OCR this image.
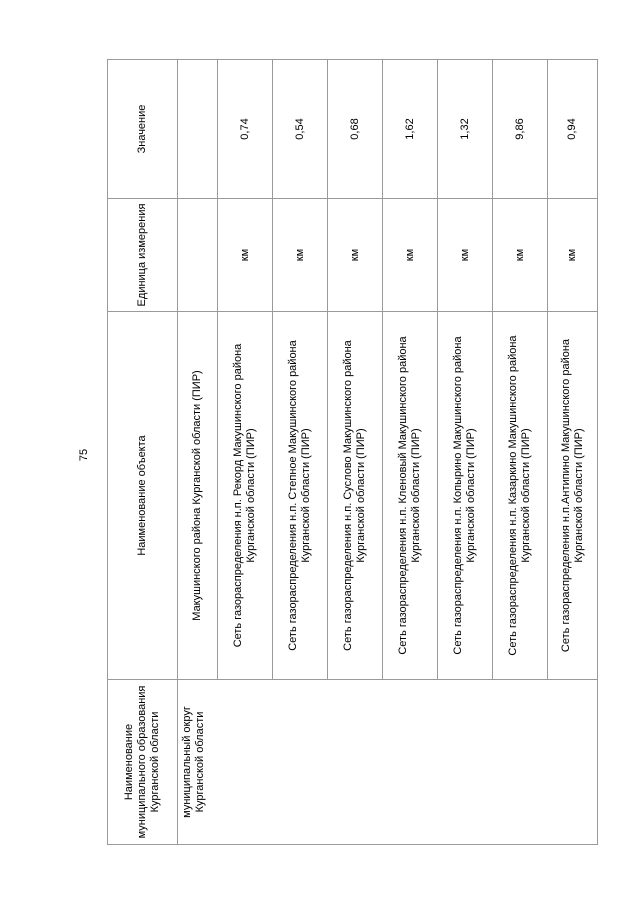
75
Наименование муниципального образования Курганской области	Наименование объекта	Единица измерения	Значение
муниципальный округ Курганской области	Макушинского района Курганской области (ПИР)		
	Сеть газораспределения н.п. Рекорд Макушинского района Курганской области (ПИР)	км	0,74
	Сеть газораспределения н.п. Степное Макушинского района Курганской области (ПИР)	км	0,54
	Сеть газораспределения н.п. Суслово Макушинского района Курганской области (ПИР)	км	0,68
	Сеть газораспределения н.п. Кленовый Макушинского района Курганской области (ПИР)	км	1,62
	Сеть газораспределения н.п. Копырино Макушинского района Курганской области (ПИР)	км	1,32
	Сеть газораспределения н.п. Казаркино Макушинского района Курганской области (ПИР)	км	9,86
	Сеть газораспределения н.п.Антипино Макушинского района Курганской области (ПИР)	км	0,94
